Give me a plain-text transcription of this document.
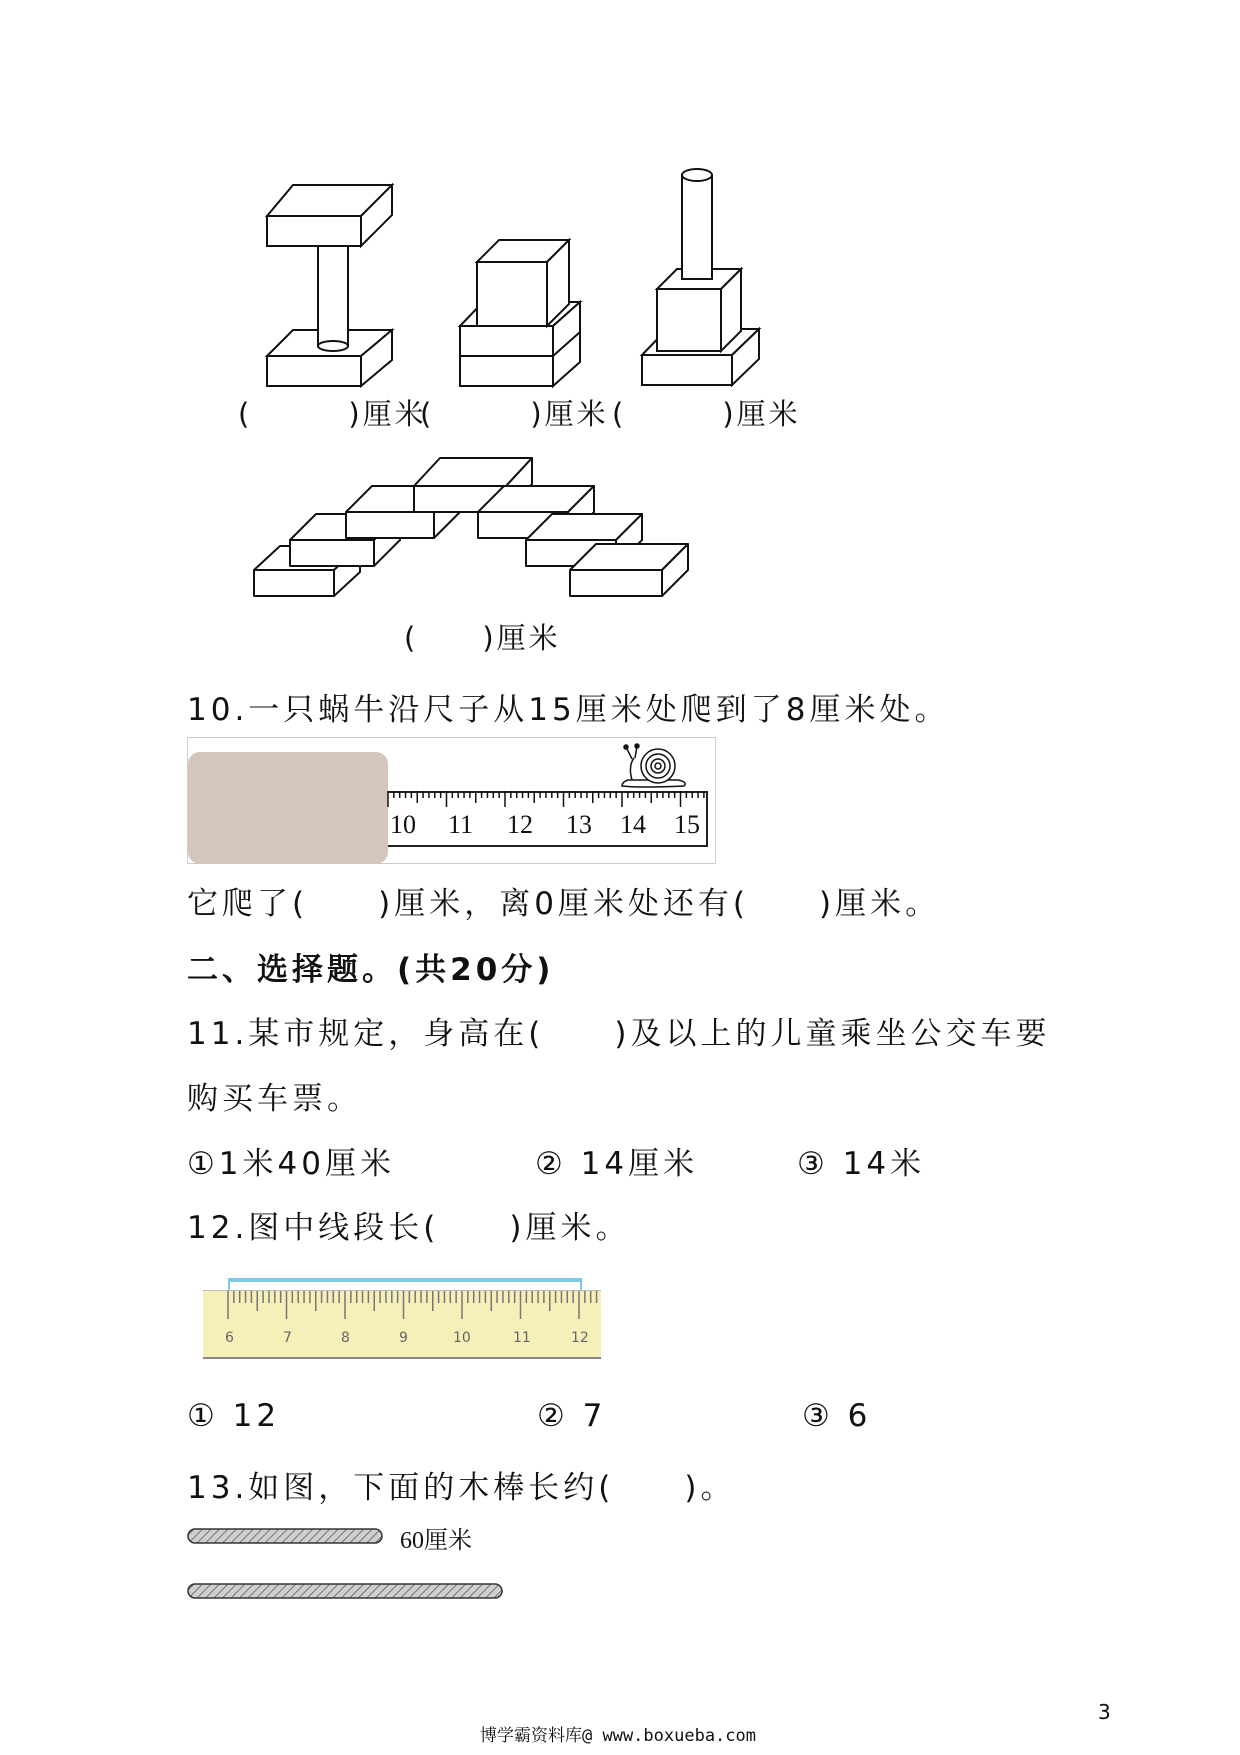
(　　　)厘米
(　　　)厘米 (　　　)厘米
(　　)厘米
10.一只蜗牛沿尺子从15厘米处爬到了8厘米处。
10 11 12 13 14 15
它爬了(　　)厘米，离0厘米处还有(　　)厘米。
二、选择题。(共20分)
11.某市规定，身高在(　　)及以上的儿童乘坐公交车要
购买车票。
①1米40厘米	② 14厘米	③ 14米
12.图中线段长(　　)厘米。
6	7	8	9	10	11	12
① 12	② 7	③ 6
13.如图，下面的木棒长约(　　)。
60厘米
3
博学霸资料库@ www.boxueba.com
